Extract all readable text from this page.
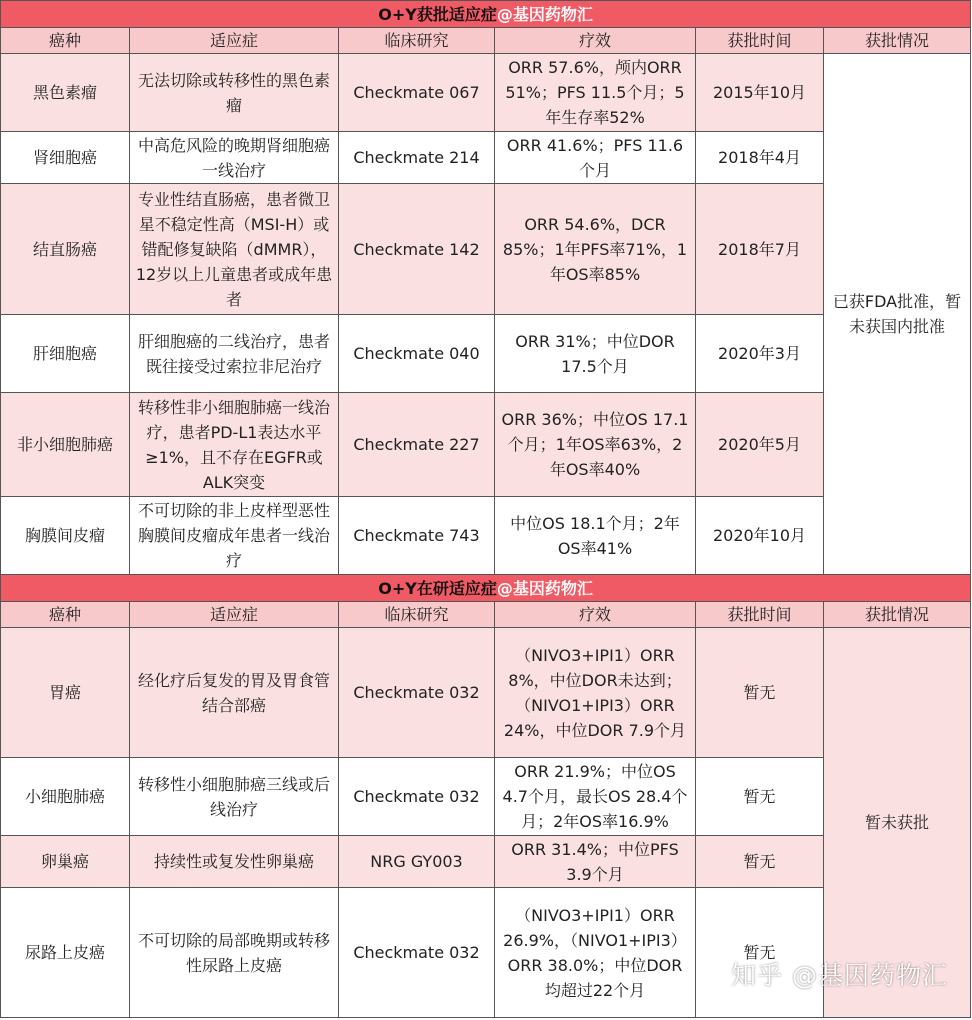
O+Y获批适应症@基因药物汇					
癌种	适应症	临床研究	疗效	获批时间	获批情况
黑色素瘤	无法切除或转移性的黑色素瘤	Checkmate 067	ORR 57.6%，颅内ORR 51%；PFS 11.5个月；5年生存率52%	2015年10月	已获FDA批准，暂未获国内批准
肾细胞癌	中高危风险的晚期肾细胞癌一线治疗	Checkmate 214	ORR 41.6%；PFS 11.6个月	2018年4月	
结直肠癌	专业性结直肠癌，患者微卫星不稳定性高（MSI-H）或错配修复缺陷（dMMR），12岁以上儿童患者或成年患者	Checkmate 142	ORR 54.6%，DCR 85%；1年PFS率71%，1年OS率85%	2018年7月	
肝细胞癌	肝细胞癌的二线治疗，患者既往接受过索拉非尼治疗	Checkmate 040	ORR 31%；中位DOR 17.5个月	2020年3月	
非小细胞肺癌	转移性非小细胞肺癌一线治疗，患者PD-L1表达水平≥1%，且不存在EGFR或ALK突变	Checkmate 227	ORR 36%；中位OS 17.1个月；1年OS率63%，2年OS率40%	2020年5月	
胸膜间皮瘤	不可切除的非上皮样型恶性胸膜间皮瘤成年患者一线治疗	Checkmate 743	中位OS 18.1个月；2年OS率41%	2020年10月	
O+Y在研适应症@基因药物汇					
癌种	适应症	临床研究	疗效	获批时间	获批情况
胃癌	经化疗后复发的胃及胃食管结合部癌	Checkmate 032	（NIVO3+IPI1）ORR 8%，中位DOR未达到；（NIVO1+IPI3）ORR 24%，中位DOR 7.9个月	暂无	暂未获批
小细胞肺癌	转移性小细胞肺癌三线或后线治疗	Checkmate 032	ORR 21.9%；中位OS 4.7个月，最长OS 28.4个月；2年OS率16.9%	暂无	
卵巢癌	持续性或复发性卵巢癌	NRG GY003	ORR 31.4%；中位PFS 3.9个月	暂无	
尿路上皮癌	不可切除的局部晚期或转移性尿路上皮癌	Checkmate 032	（NIVO3+IPI1）ORR 26.9%，（NIVO1+IPI3）ORR 38.0%；中位DOR均超过22个月	暂无	
知乎 @基因药物汇
